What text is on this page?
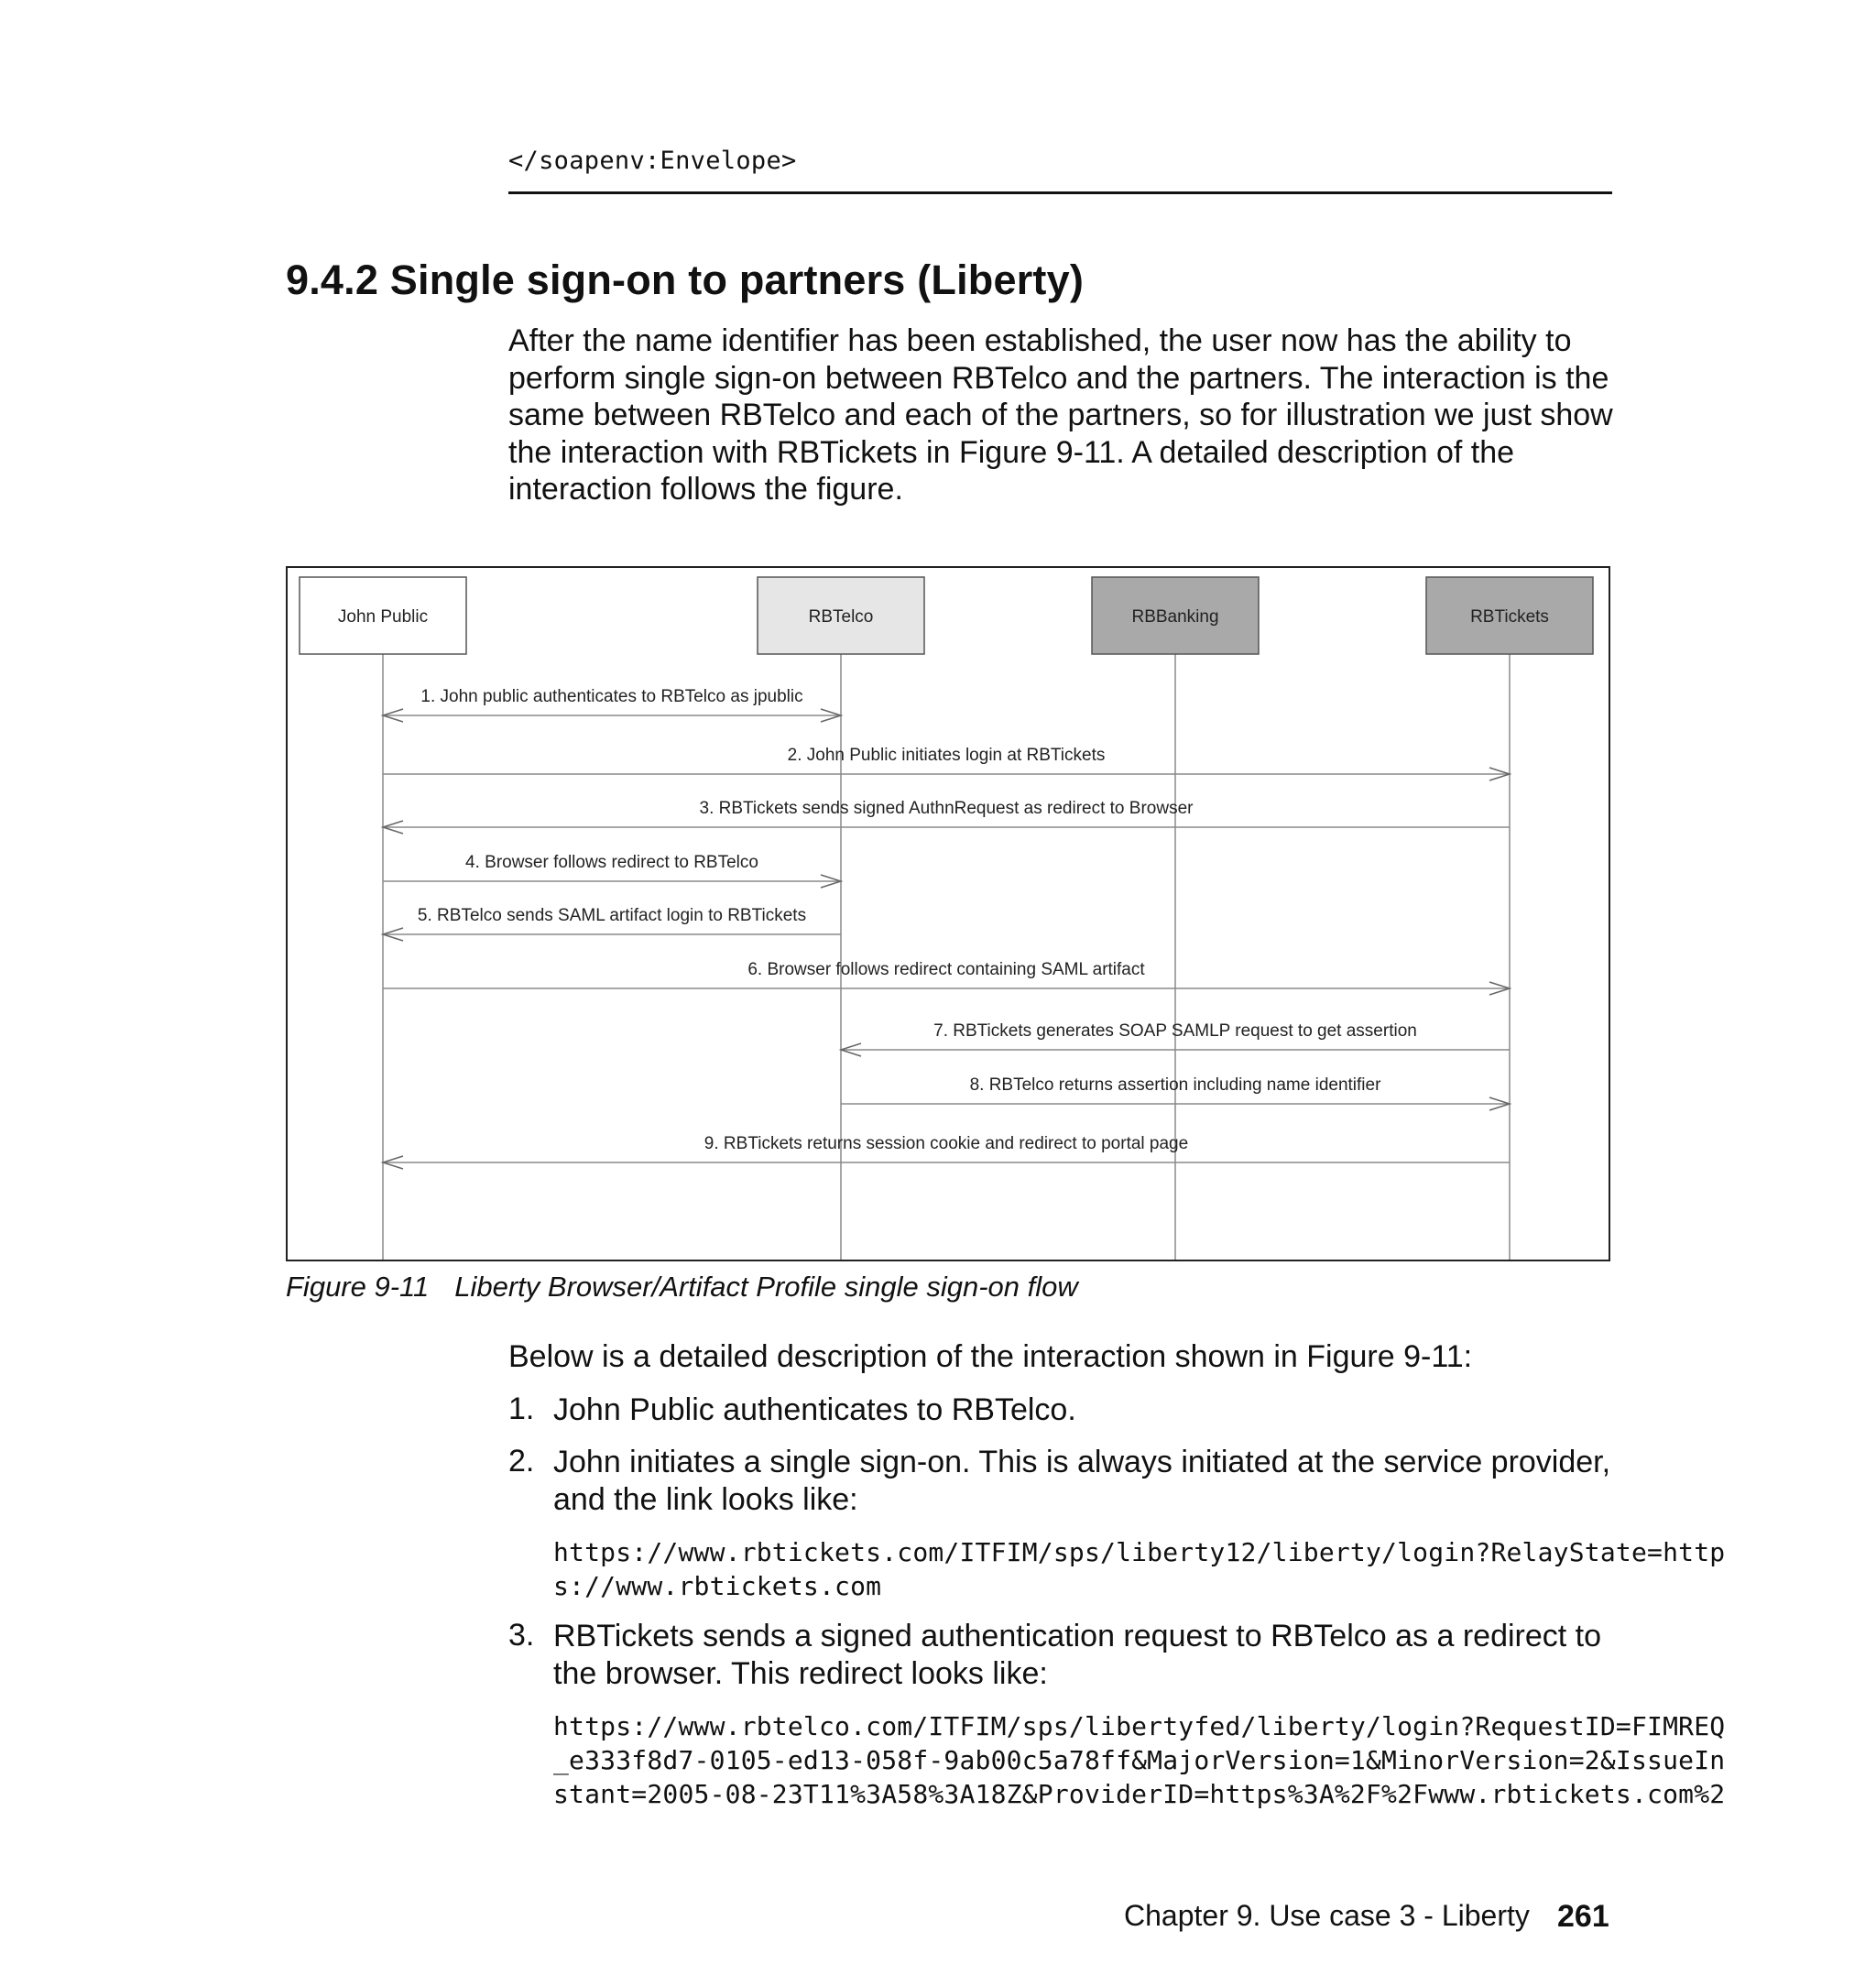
</soapenv:Envelope>
9.4.2 Single sign-on to partners (Liberty)
After the name identifier has been established, the user now has the ability to
perform single sign-on between RBTelco and the partners. The interaction is the
same between RBTelco and each of the partners, so for illustration we just show
the interaction with RBTickets in Figure 9-11. A detailed description of the
interaction follows the figure.
John Public	RBTelco	RBBanking	RBTickets
1. John public authenticates to RBTelco as jpublic
2. John Public initiates login at RBTickets
3. RBTickets sends signed AuthnRequest as redirect to Browser
4. Browser follows redirect to RBTelco
5. RBTelco sends SAML artifact login to RBTickets
6. Browser follows redirect containing SAML artifact
7. RBTickets generates SOAP SAMLP request to get assertion
8. RBTelco returns assertion including name identifier
9. RBTickets returns session cookie and redirect to portal page
Figure 9-11 Liberty Browser/Artifact Profile single sign-on flow
Below is a detailed description of the interaction shown in Figure 9-11:
1. John Public authenticates to RBTelco.
2. John initiates a single sign-on. This is always initiated at the service provider,
and the link looks like:
https://www.rbtickets.com/ITFIM/sps/liberty12/liberty/login?RelayState=http
s://www.rbtickets.com
3. RBTickets sends a signed authentication request to RBTelco as a redirect to
the browser. This redirect looks like:
https://www.rbtelco.com/ITFIM/sps/libertyfed/liberty/login?RequestID=FIMREQ
_e333f8d7-0105-ed13-058f-9ab00c5a78ff&MajorVersion=1&MinorVersion=2&IssueIn
stant=2005-08-23T11%3A58%3A18Z&ProviderID=https%3A%2F%2Fwww.rbtickets.com%2
Chapter 9. Use case 3 - Liberty 261
